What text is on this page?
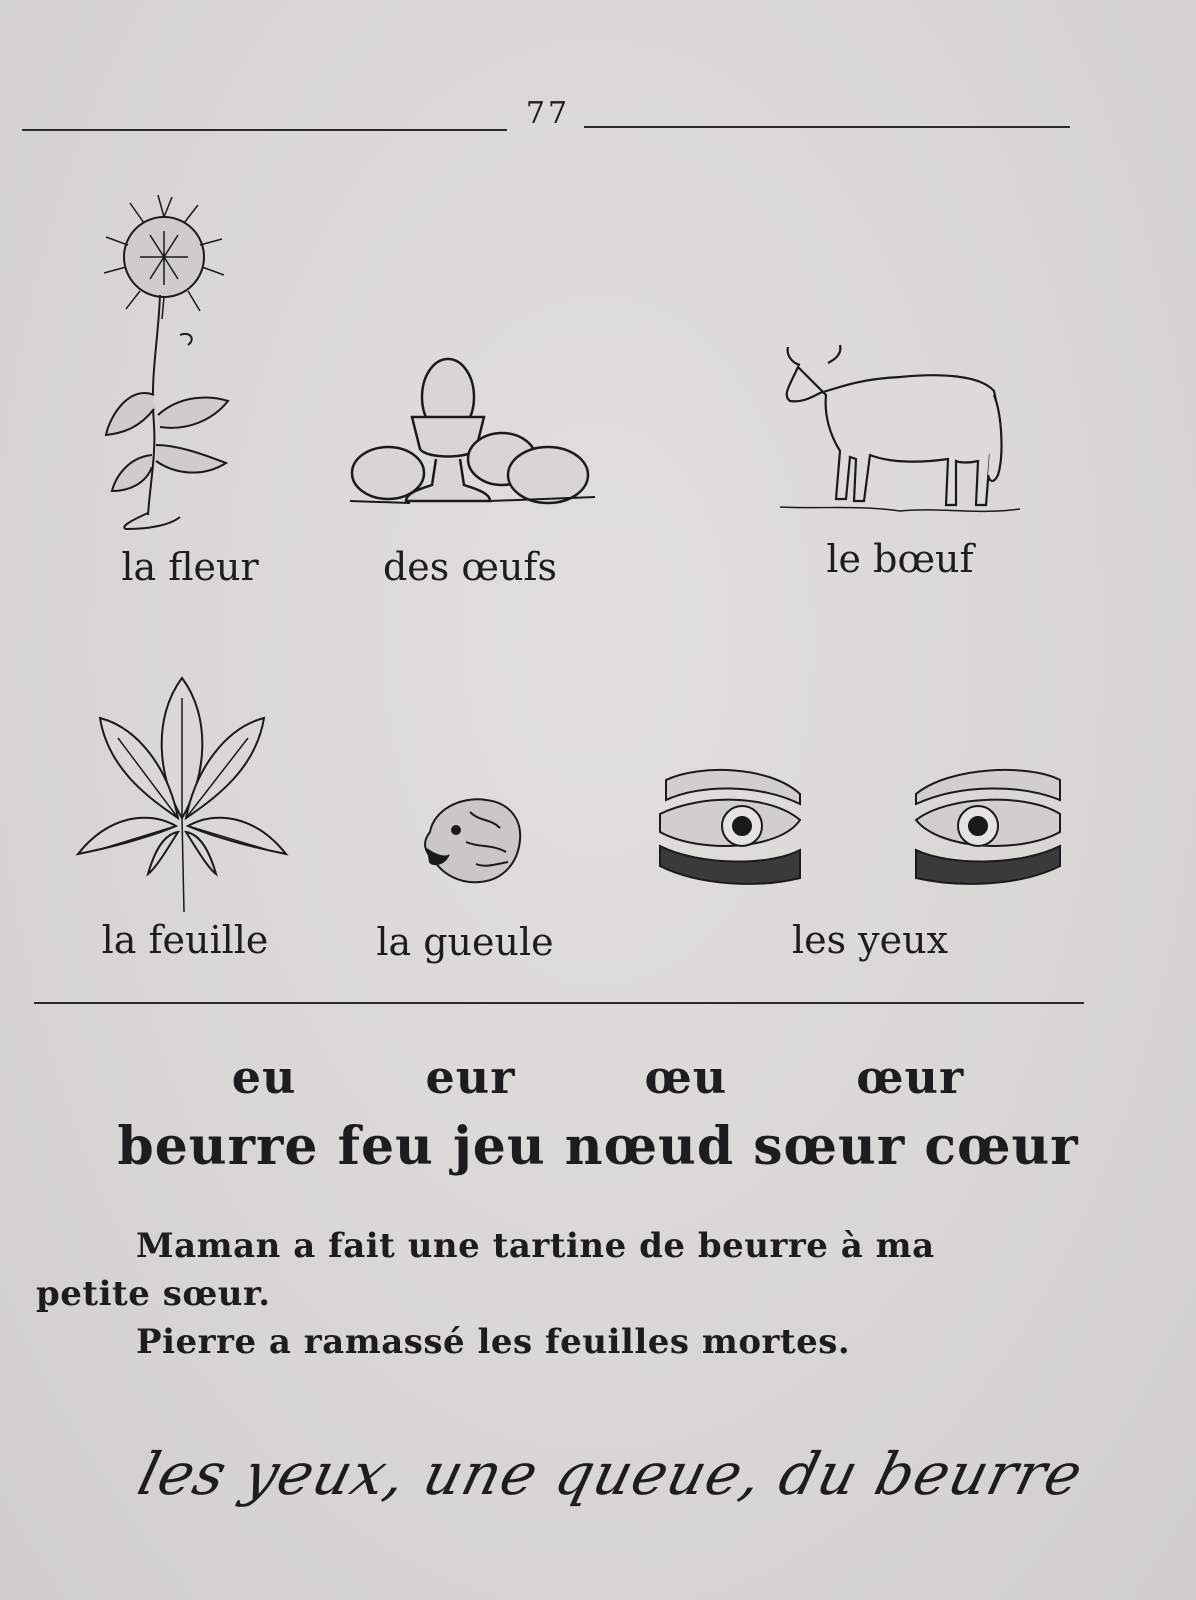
77
la fleur	des œufs	le bœuf
la feuille	la gueule	les yeux
eu   eur   œu   œur
beurre feu jeu nœud sœur cœur
Maman a fait une tartine de beurre à ma
petite sœur.
Pierre a ramassé les feuilles mortes.
les yeux, une queue, du beurre
